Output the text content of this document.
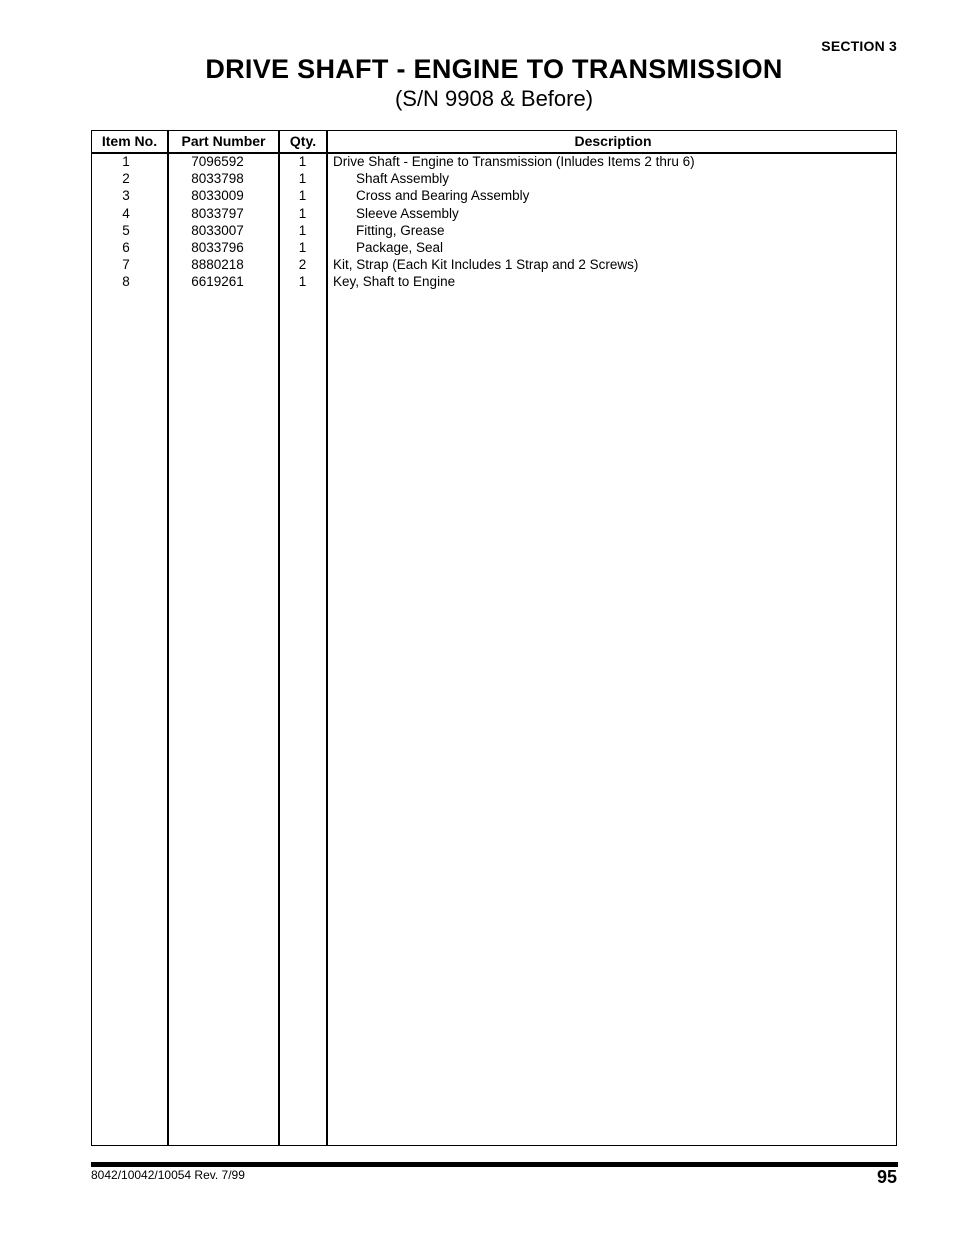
SECTION 3
DRIVE SHAFT - ENGINE TO TRANSMISSION
(S/N 9908 & Before)
Item No.	Part Number	Qty.	Description
1	7096592	1	Drive Shaft - Engine to Transmission (Inludes Items 2 thru 6)
2	8033798	1	Shaft Assembly
3	8033009	1	Cross and Bearing Assembly
4	8033797	1	Sleeve Assembly
5	8033007	1	Fitting, Grease
6	8033796	1	Package, Seal
7	8880218	2	Kit, Strap (Each Kit Includes 1 Strap and 2 Screws)
8	6619261	1	Key, Shaft to Engine
8042/10042/10054 Rev. 7/99	95
